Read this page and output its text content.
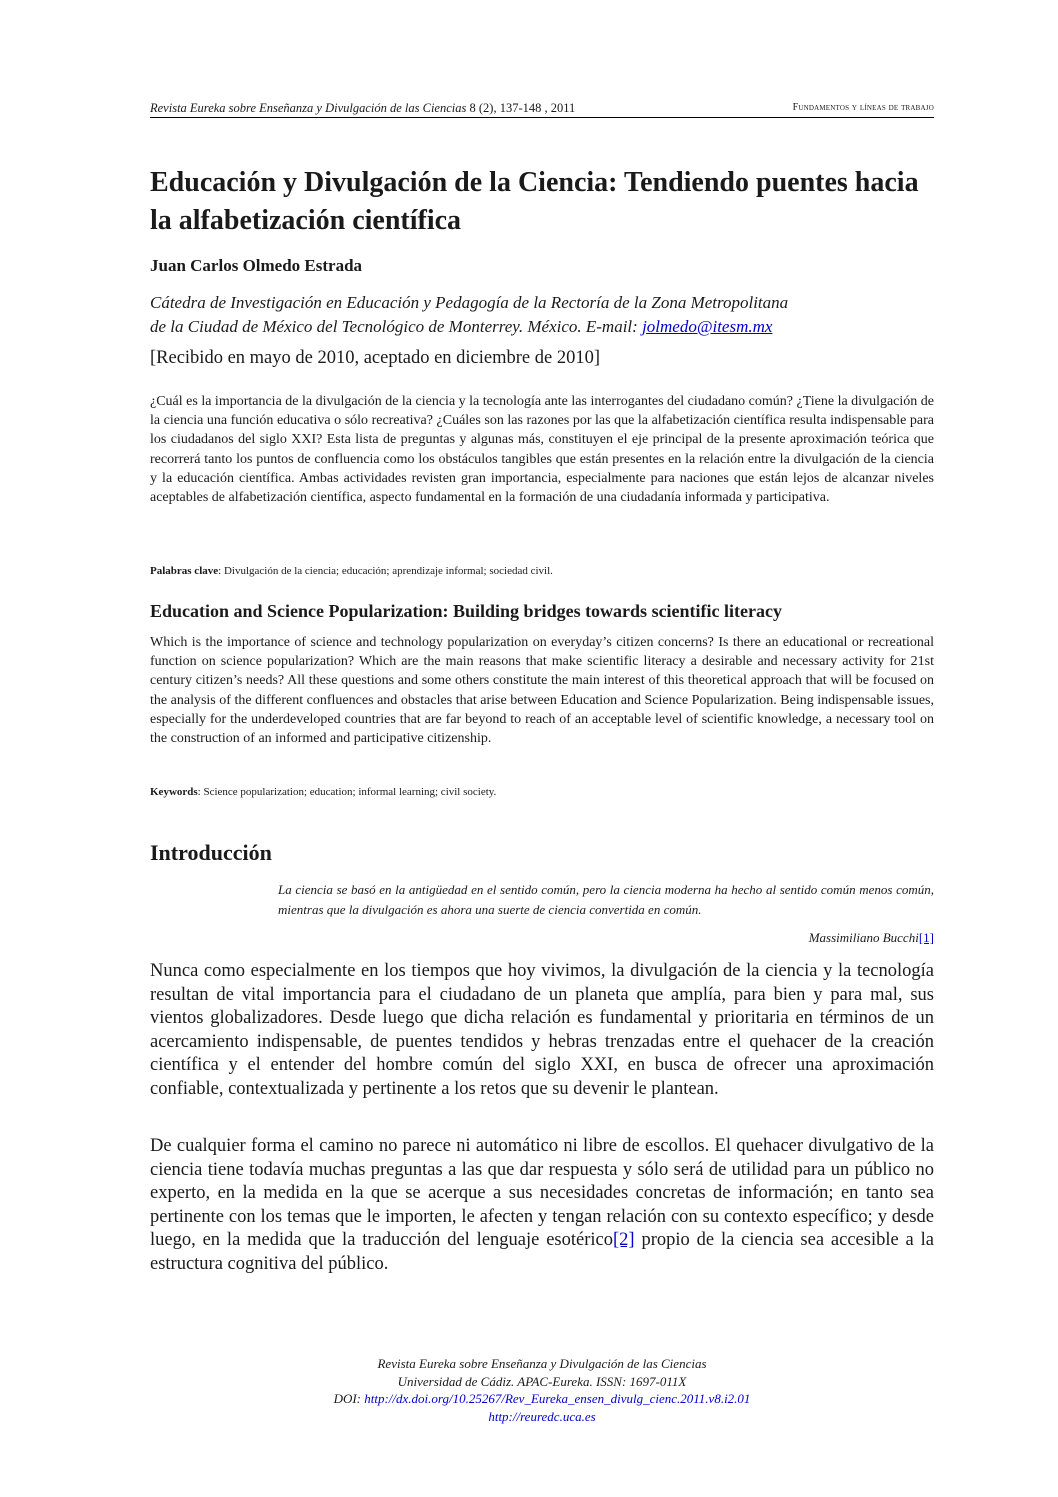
Revista Eureka sobre Enseñanza y Divulgación de las Ciencias 8 (2), 137-148 , 2011	Fundamentos y líneas de trabajo
Educación y Divulgación de la Ciencia: Tendiendo puentes hacia la alfabetización científica
Juan Carlos Olmedo Estrada
Cátedra de Investigación en Educación y Pedagogía de la Rectoría de la Zona Metropolitana
de la Ciudad de México del Tecnológico de Monterrey. México. E-mail: jolmedo@itesm.mx
[Recibido en mayo de 2010, aceptado en diciembre de 2010]
¿Cuál es la importancia de la divulgación de la ciencia y la tecnología ante las interrogantes del ciudadano común? ¿Tiene la divulgación de la ciencia una función educativa o sólo recreativa? ¿Cuáles son las razones por las que la alfabetización científica resulta indispensable para los ciudadanos del siglo XXI? Esta lista de preguntas y algunas más, constituyen el eje principal de la presente aproximación teórica que recorrerá tanto los puntos de confluencia como los obstáculos tangibles que están presentes en la relación entre la divulgación de la ciencia y la educación científica. Ambas actividades revisten gran importancia, especialmente para naciones que están lejos de alcanzar niveles aceptables de alfabetización científica, aspecto fundamental en la formación de una ciudadanía informada y participativa.
Palabras clave: Divulgación de la ciencia; educación; aprendizaje informal; sociedad civil.
Education and Science Popularization: Building bridges towards scientific literacy
Which is the importance of science and technology popularization on everyday’s citizen concerns? Is there an educational or recreational function on science popularization? Which are the main reasons that make scientific literacy a desirable and necessary activity for 21st century citizen’s needs? All these questions and some others constitute the main interest of this theoretical approach that will be focused on the analysis of the different confluences and obstacles that arise between Education and Science Popularization. Being indispensable issues, especially for the underdeveloped countries that are far beyond to reach of an acceptable level of scientific knowledge, a necessary tool on the construction of an informed and participative citizenship.
Keywords: Science popularization; education; informal learning; civil society.
Introducción
La ciencia se basó en la antigüedad en el sentido común, pero la ciencia moderna ha hecho al sentido común menos común, mientras que la divulgación es ahora una suerte de ciencia convertida en común.
Massimiliano Bucchi[1]
Nunca como especialmente en los tiempos que hoy vivimos, la divulgación de la ciencia y la tecnología resultan de vital importancia para el ciudadano de un planeta que amplía, para bien y para mal, sus vientos globalizadores. Desde luego que dicha relación es fundamental y prioritaria en términos de un acercamiento indispensable, de puentes tendidos y hebras trenzadas entre el quehacer de la creación científica y el entender del hombre común del siglo XXI, en busca de ofrecer una aproximación confiable, contextualizada y pertinente a los retos que su devenir le plantean.
De cualquier forma el camino no parece ni automático ni libre de escollos. El quehacer divulgativo de la ciencia tiene todavía muchas preguntas a las que dar respuesta y sólo será de utilidad para un público no experto, en la medida en la que se acerque a sus necesidades concretas de información; en tanto sea pertinente con los temas que le importen, le afecten y tengan relación con su contexto específico; y desde luego, en la medida que la traducción del lenguaje esotérico[2] propio de la ciencia sea accesible a la estructura cognitiva del público.
Revista Eureka sobre Enseñanza y Divulgación de las Ciencias
Universidad de Cádiz. APAC-Eureka. ISSN: 1697-011X
DOI: http://dx.doi.org/10.25267/Rev_Eureka_ensen_divulg_cienc.2011.v8.i2.01
http://reuredc.uca.es
